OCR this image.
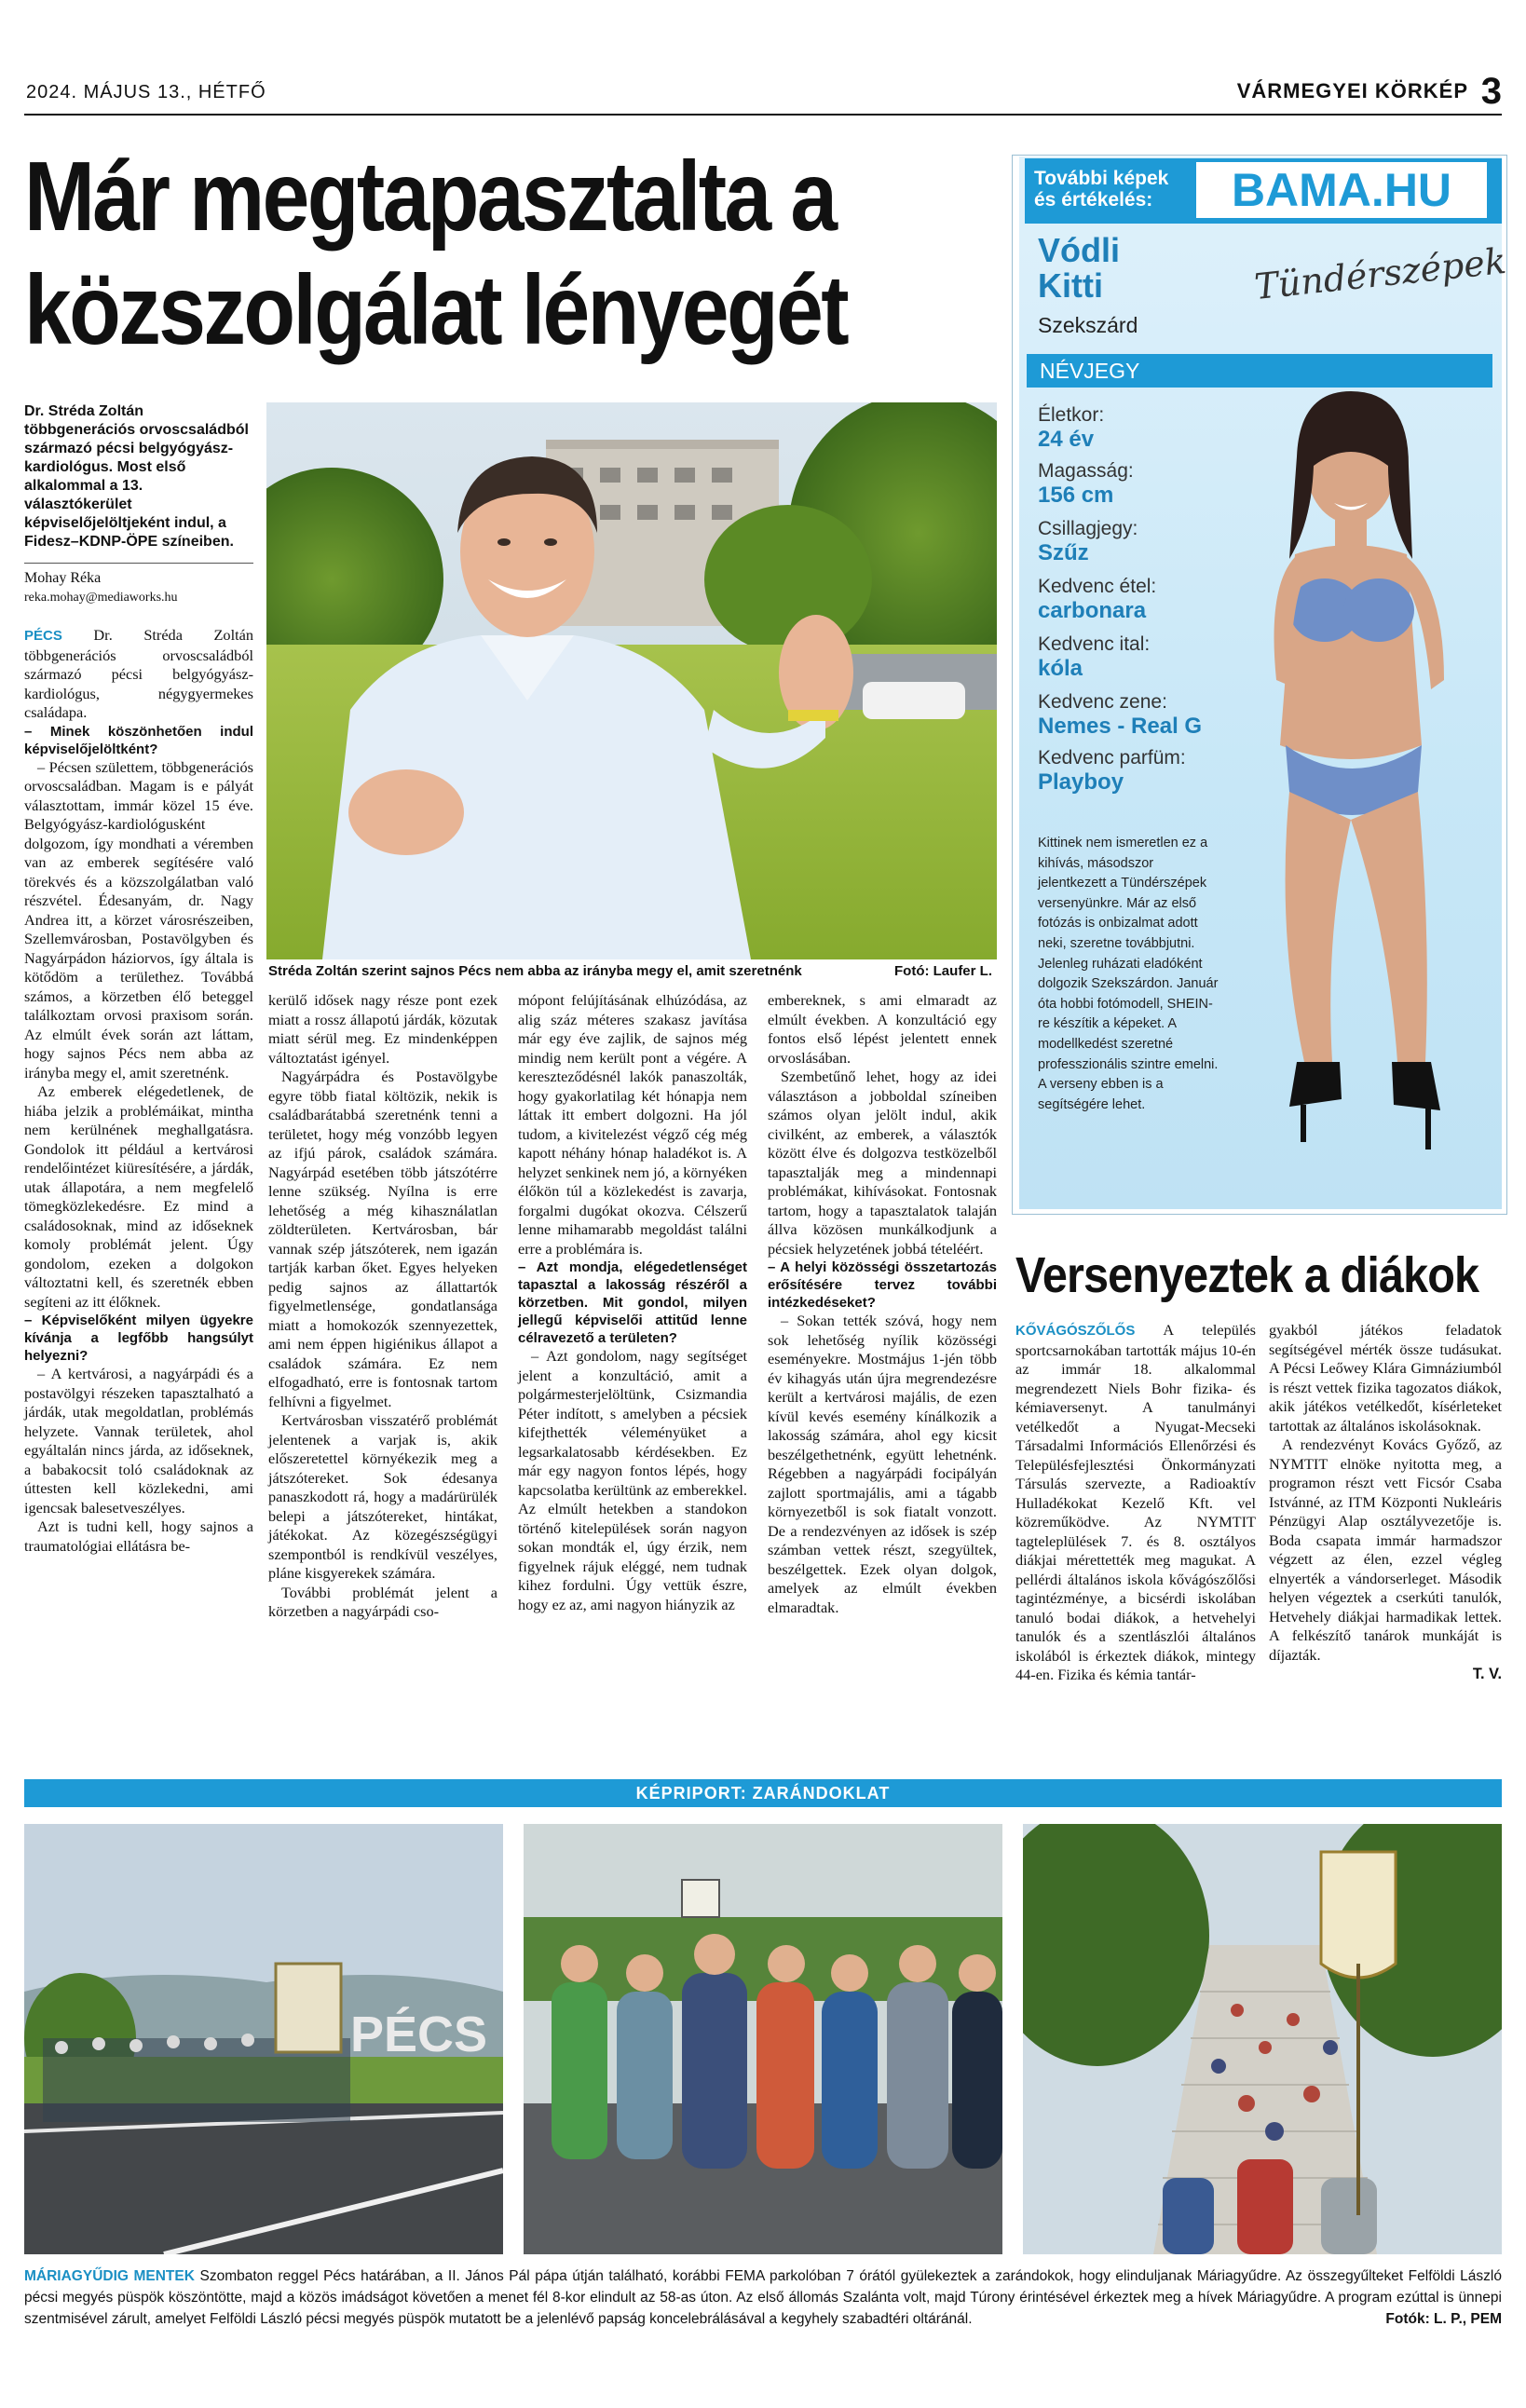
2024. MÁJUS 13., HÉTFŐ	VÁRMEGYEI KÖRKÉP 3
Már megtapasztalta a
közszolgálat lényegét
Dr. Stréda Zoltán többgenerációs orvoscsaládból származó pécsi belgyógyász-kardiológus. Most első alkalommal a 13. választókerület képviselőjelöltjeként indul, a Fidesz–KDNP-ÖPE színeiben.
Mohay Réka
reka.mohay@mediaworks.hu
Stréda Zoltán szerint sajnos Pécs nem abba az irányba megy el, amit szeretnénk	Fotó: Laufer L.

PÉCS Dr. Stréda Zoltán többgenerációs orvoscsaládból származó pécsi belgyógyász-kardiológus, négygyermekes családapa.

– Minek köszönhetően indul képviselőjelöltként?

– Pécsen születtem, többgenerációs orvoscsaládban. Magam is e pályát választottam, immár közel 15 éve. Belgyógyász-kardiológusként dolgozom, így mondhati a véremben van az emberek segítésére való törekvés és a közszolgálatban való részvétel. Édesanyám, dr. Nagy Andrea itt, a körzet városrészeiben, Szellemvárosban, Postavölgyben és Nagyárpádon háziorvos, így általa is kötődöm a területhez. Továbbá számos, a körzetben élő beteggel találkoztam orvosi praxisom során. Az elmúlt évek során azt láttam, hogy sajnos Pécs nem abba az irányba megy el, amit szeretnénk.

Az emberek elégedetlenek, de hiába jelzik a problémáikat, mintha nem kerülnének meghallgatásra. Gondolok itt például a kertvárosi rendelőintézet kiüresítésére, a járdák, utak állapotára, a nem megfelelő tömegközlekedésre. Ez mind a családosoknak, mind az időseknek komoly problémát jelent. Úgy gondolom, ezeken a dolgokon változtatni kell, és szeretnék ebben segíteni az itt élőknek.

– Képviselőként milyen ügyekre kívánja a legfőbb hangsúlyt helyezni?

– A kertvárosi, a nagyárpádi és a postavölgyi részeken tapasztalható a járdák, utak megoldatlan, problémás helyzete. Vannak területek, ahol egyáltalán nincs járda, az időseknek, a babakocsit toló családoknak az úttesten kell közlekedni, ami igencsak balesetveszélyes.

Azt is tudni kell, hogy sajnos a traumatológiai ellátásra be-

kerülő idősek nagy része pont ezek miatt a rossz állapotú járdák, közutak miatt sérül meg. Ez mindenképpen változtatást igényel.

Nagyárpádra és Postavölgybe egyre több fiatal költözik, nekik is családbarátabbá szeretnénk tenni a területet, hogy még vonzóbb legyen az ifjú párok, családok számára. Nagyárpád esetében több játszótérre lenne szükség. Nyílna is erre lehetőség a még kihasználatlan zöldterületen. Kertvárosban, bár vannak szép játszóterek, nem igazán tartják karban őket. Egyes helyeken pedig sajnos az állattartók figyelmetlensége, gondatlansága miatt a homokozók szennyezettek, ami nem éppen higiénikus állapot a családok számára. Ez nem elfogadható, erre is fontosnak tartom felhívni a figyelmet.

Kertvárosban visszatérő problémát jelentenek a varjak is, akik előszeretettel környékezik meg a játszótereket. Sok édesanya panaszkodott rá, hogy a madárürülék belepi a játszótereket, hintákat, játékokat. Az közegészségügyi szempontból is rendkívül veszélyes, pláne kisgyerekek számára.

További problémát jelent a körzetben a nagyárpádi cso-

mópont felújításának elhúzódása, az alig száz méteres szakasz javítása már egy éve zajlik, de sajnos még mindig nem került pont a végére. A kereszteződésnél lakók panaszolták, hogy gyakorlatilag két hónapja nem láttak itt embert dolgozni. Ha jól tudom, a kivitelezést végző cég még kapott néhány hónap haladékot is. A helyzet senkinek nem jó, a környéken élőkön túl a közlekedést is zavarja, forgalmi dugókat okozva. Célszerű lenne mihamarabb megoldást találni erre a problémára is.

– Azt mondja, elégedetlenséget tapasztal a lakosság részéről a körzetben. Mit gondol, milyen jellegű képviselői attitűd lenne célravezető a területen?

– Azt gondolom, nagy segítséget jelent a konzultáció, amit a polgármesterjelöltünk, Csizmandia Péter indított, s amelyben a pécsiek kifejthették véleményüket a legsarkalatosabb kérdésekben. Ez már egy nagyon fontos lépés, hogy kapcsolatba kerültünk az emberekkel. Az elmúlt hetekben a standokon történő kitelepülések során nagyon sokan mondták el, úgy érzik, nem figyelnek rájuk eléggé, nem tudnak kihez fordulni. Úgy vettük észre, hogy ez az, ami nagyon hiányzik az

embereknek, s ami elmaradt az elmúlt években. A konzultáció egy fontos első lépést jelentett ennek orvoslásában.

Szembetűnő lehet, hogy az idei választáson a jobboldal színeiben számos olyan jelölt indul, akik civilként, az emberek, a választók között élve és dolgozva testközelből tapasztalják meg a mindennapi problémákat, kihívásokat. Fontosnak tartom, hogy a tapasztalatok talaján állva közösen munkálkodjunk a pécsiek helyzetének jobbá tételéért.

– A helyi közösségi összetartozás erősítésére tervez további intézkedéseket?

– Sokan tették szóvá, hogy nem sok lehetőség nyílik közösségi eseményekre. Mostmájus 1-jén több év kihagyás után újra megrendezésre került a kertvárosi majális, de ezen kívül kevés esemény kínálkozik a lakosság számára, ahol egy kicsit beszélgethetnénk, együtt lehetnénk. Régebben a nagyárpádi focipályán zajlott sportmajális, ami a tágabb környezetből is sok fiatalt vonzott. De a rendezvényen az idősek is szép számban vettek részt, szegyültek, beszélgettek. Ezek olyan dolgok, amelyek az elmúlt években elmaradtak.

További képek
és értékelés:	BAMA.HU
Vódli
Kitti
Szekszárd
Tündérszépek
NÉVJEGY
Életkor:
24 év
Magasság:
156 cm
Csillagjegy:
Szűz
Kedvenc étel:
carbonara
Kedvenc ital:
kóla
Kedvenc zene:
Nemes - Real G
Kedvenc parfüm:
Playboy
Kittinek nem ismeretlen ez a kihívás, másodszor jelentkezett a Tündérszépek versenyünkre. Már az első fotózás is onbizalmat adott neki, szeretne továbbjutni. Jelenleg ruházati eladóként dolgozik Szekszárdon. Január óta hobbi fotómodell, SHEIN-re készítik a képeket. A modellkedést szeretné professzionális szintre emelni. A verseny ebben is a segítségére lehet.
Versenyeztek a diákok

KŐVÁGÓSZŐLŐS A település sportcsarnokában tartották május 10-én az immár 18. alkalommal megrendezett Niels Bohr fizika- és kémiaversenyt. A tanulmányi vetélkedőt a Nyugat-Mecseki Társadalmi Információs Ellenőrzési és Településfejlesztési Önkormányzati Társulás szervezte, a Radioaktív Hulladékokat Kezelő Kft. vel közreműködve. Az NYMTIT tagteleplülések 7. és 8. osztályos diákjai mérettették meg magukat. A pellérdi általános iskola kővágószőlősi tagintézménye, a bicsérdi iskolában tanuló bodai diákok, a hetvehelyi tanulók és a szentlászlói általános iskolából is érkeztek diákok, mintegy 44-en. Fizika és kémia tantár-

gyakból játékos feladatok segítségével mérték össze tudásukat. A Pécsi Leőwey Klára Gimnáziumból is részt vettek fizika tagozatos diákok, akik játékos vetélkedőt, kísérleteket tartottak az általános iskolásoknak.

A rendezvényt Kovács Győző, az NYMTIT elnöke nyitotta meg, a programon részt vett Ficsór Csaba Istvánné, az ITM Központi Nukleáris Pénzügyi Alap osztályvezetője is. Boda csapata immár harmadszor végzett az élen, ezzel végleg elnyerték a vándorserleget. Második helyen végeztek a cserkúti tanulók, Hetvehely diákjai harmadikak lettek. A felkészítő tanárok munkáját is díjazták.

T. V.

KÉPRIPORT: ZARÁNDOKLAT
PÉCS
MÁRIAGYŰDIG MENTEK Szombaton reggel Pécs határában, a II. János Pál pápa útján található, korábbi FEMA parkolóban 7 órától gyülekeztek a zarándokok, hogy elinduljanak Máriagyűdre. Az összegyűlteket Felföldi László pécsi megyés püspök köszöntötte, majd a közös imádságot követően a menet fél 8-kor elindult az 58-as úton. Az első állomás Szalánta volt, majd Túrony érintésével érkeztek meg a hívek Máriagyűdre. A program ezúttal is ünnepi szentmisével zárult, amelyet Felföldi László pécsi megyés püspök mutatott be a jelenlévő papság koncelebrálásával a kegyhely szabadtéri oltáránál.	Fotók: L. P., PEM
